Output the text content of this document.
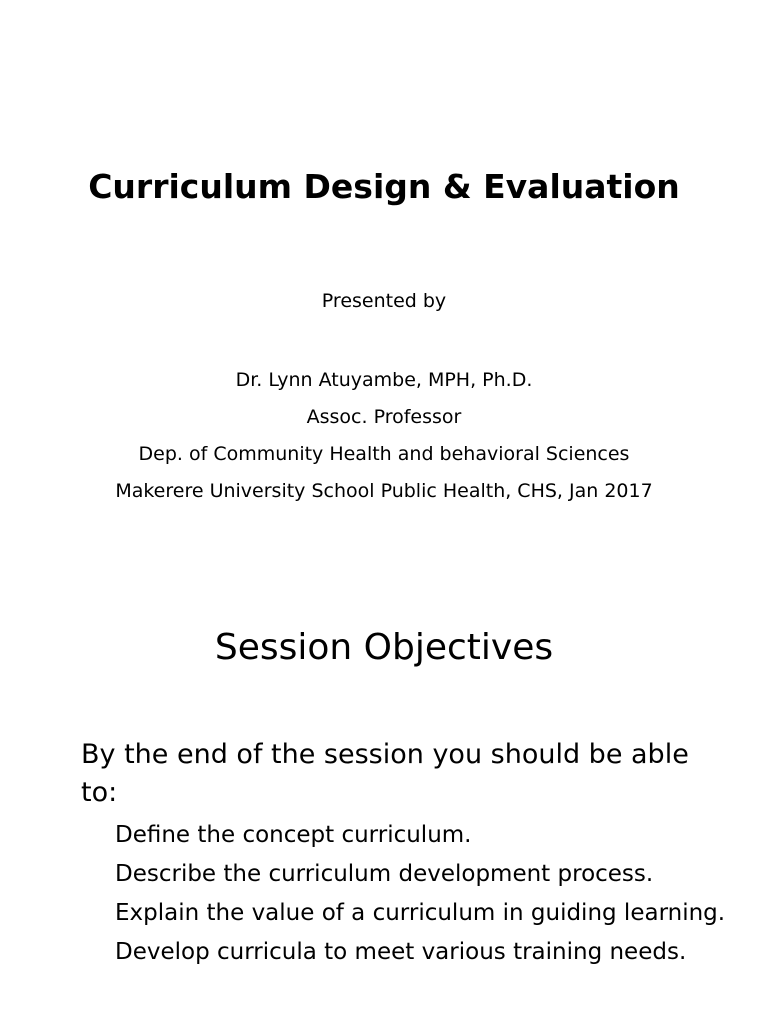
Curriculum Design & Evaluation

Presented by

Dr. Lynn Atuyambe, MPH, Ph.D.
Assoc. Professor
Dep. of Community Health and behavioral Sciences
Makerere University School Public Health, CHS, Jan 2017
Session Objectives

By the end of the session you should be able to:

Define the concept curriculum.
Describe the curriculum development process.
Explain the value of a curriculum in guiding learning.
Develop curricula to meet various training needs.
